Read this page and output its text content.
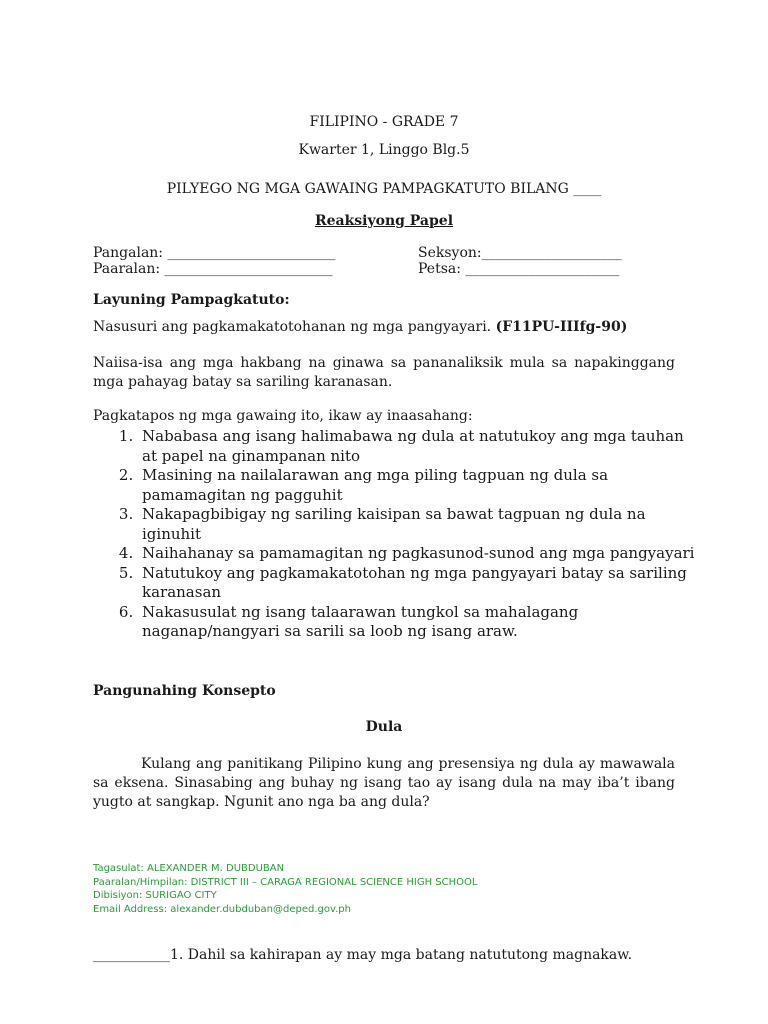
FILIPINO - GRADE 7
Kwarter 1, Linggo Blg.5
PILYEGO NG MGA GAWAING PAMPAGKATUTO BILANG ____
Reaksiyong Papel
Pangalan: ________________________	Seksyon:____________________
Paaralan: ________________________	Petsa: ______________________
Layuning Pampagkatuto:
Nasusuri ang pagkamakatotohanan ng mga pangyayari. (F11PU-IIIfg-90)
Naiisa-isa ang mga hakbang na ginawa sa pananaliksik mula sa napakinggang mga pahayag batay sa sariling karanasan.
Pagkatapos ng mga gawaing ito, ikaw ay inaasahang:
1. Nababasa ang isang halimabawa ng dula at natutukoy ang mga tauhan at papel na ginampanan nito
2. Masining na nailalarawan ang mga piling tagpuan ng dula sa pamamagitan ng pagguhit
3. Nakapagbibigay ng sariling kaisipan sa bawat tagpuan ng dula na iginuhit
4. Naihahanay sa pamamagitan ng pagkasunod-sunod ang mga pangyayari
5. Natutukoy ang pagkamakatotohan ng mga pangyayari batay sa sariling karanasan
6. Nakasusulat ng isang talaarawan tungkol sa mahalagang naganap/nangyari sa sarili sa loob ng isang araw.
Pangunahing Konsepto
Dula
Kulang ang panitikang Pilipino kung ang presensiya ng dula ay mawawala sa eksena. Sinasabing ang buhay ng isang tao ay isang dula na may iba’t ibang yugto at sangkap. Ngunit ano nga ba ang dula?
Tagasulat: ALEXANDER M. DUBDUBAN
Paaralan/Himpilan: DISTRICT III – CARAGA REGIONAL SCIENCE HIGH SCHOOL
Dibisiyon: SURIGAO CITY
Email Address: alexander.dubduban@deped.gov.ph
___________1. Dahil sa kahirapan ay may mga batang natututong magnakaw.
